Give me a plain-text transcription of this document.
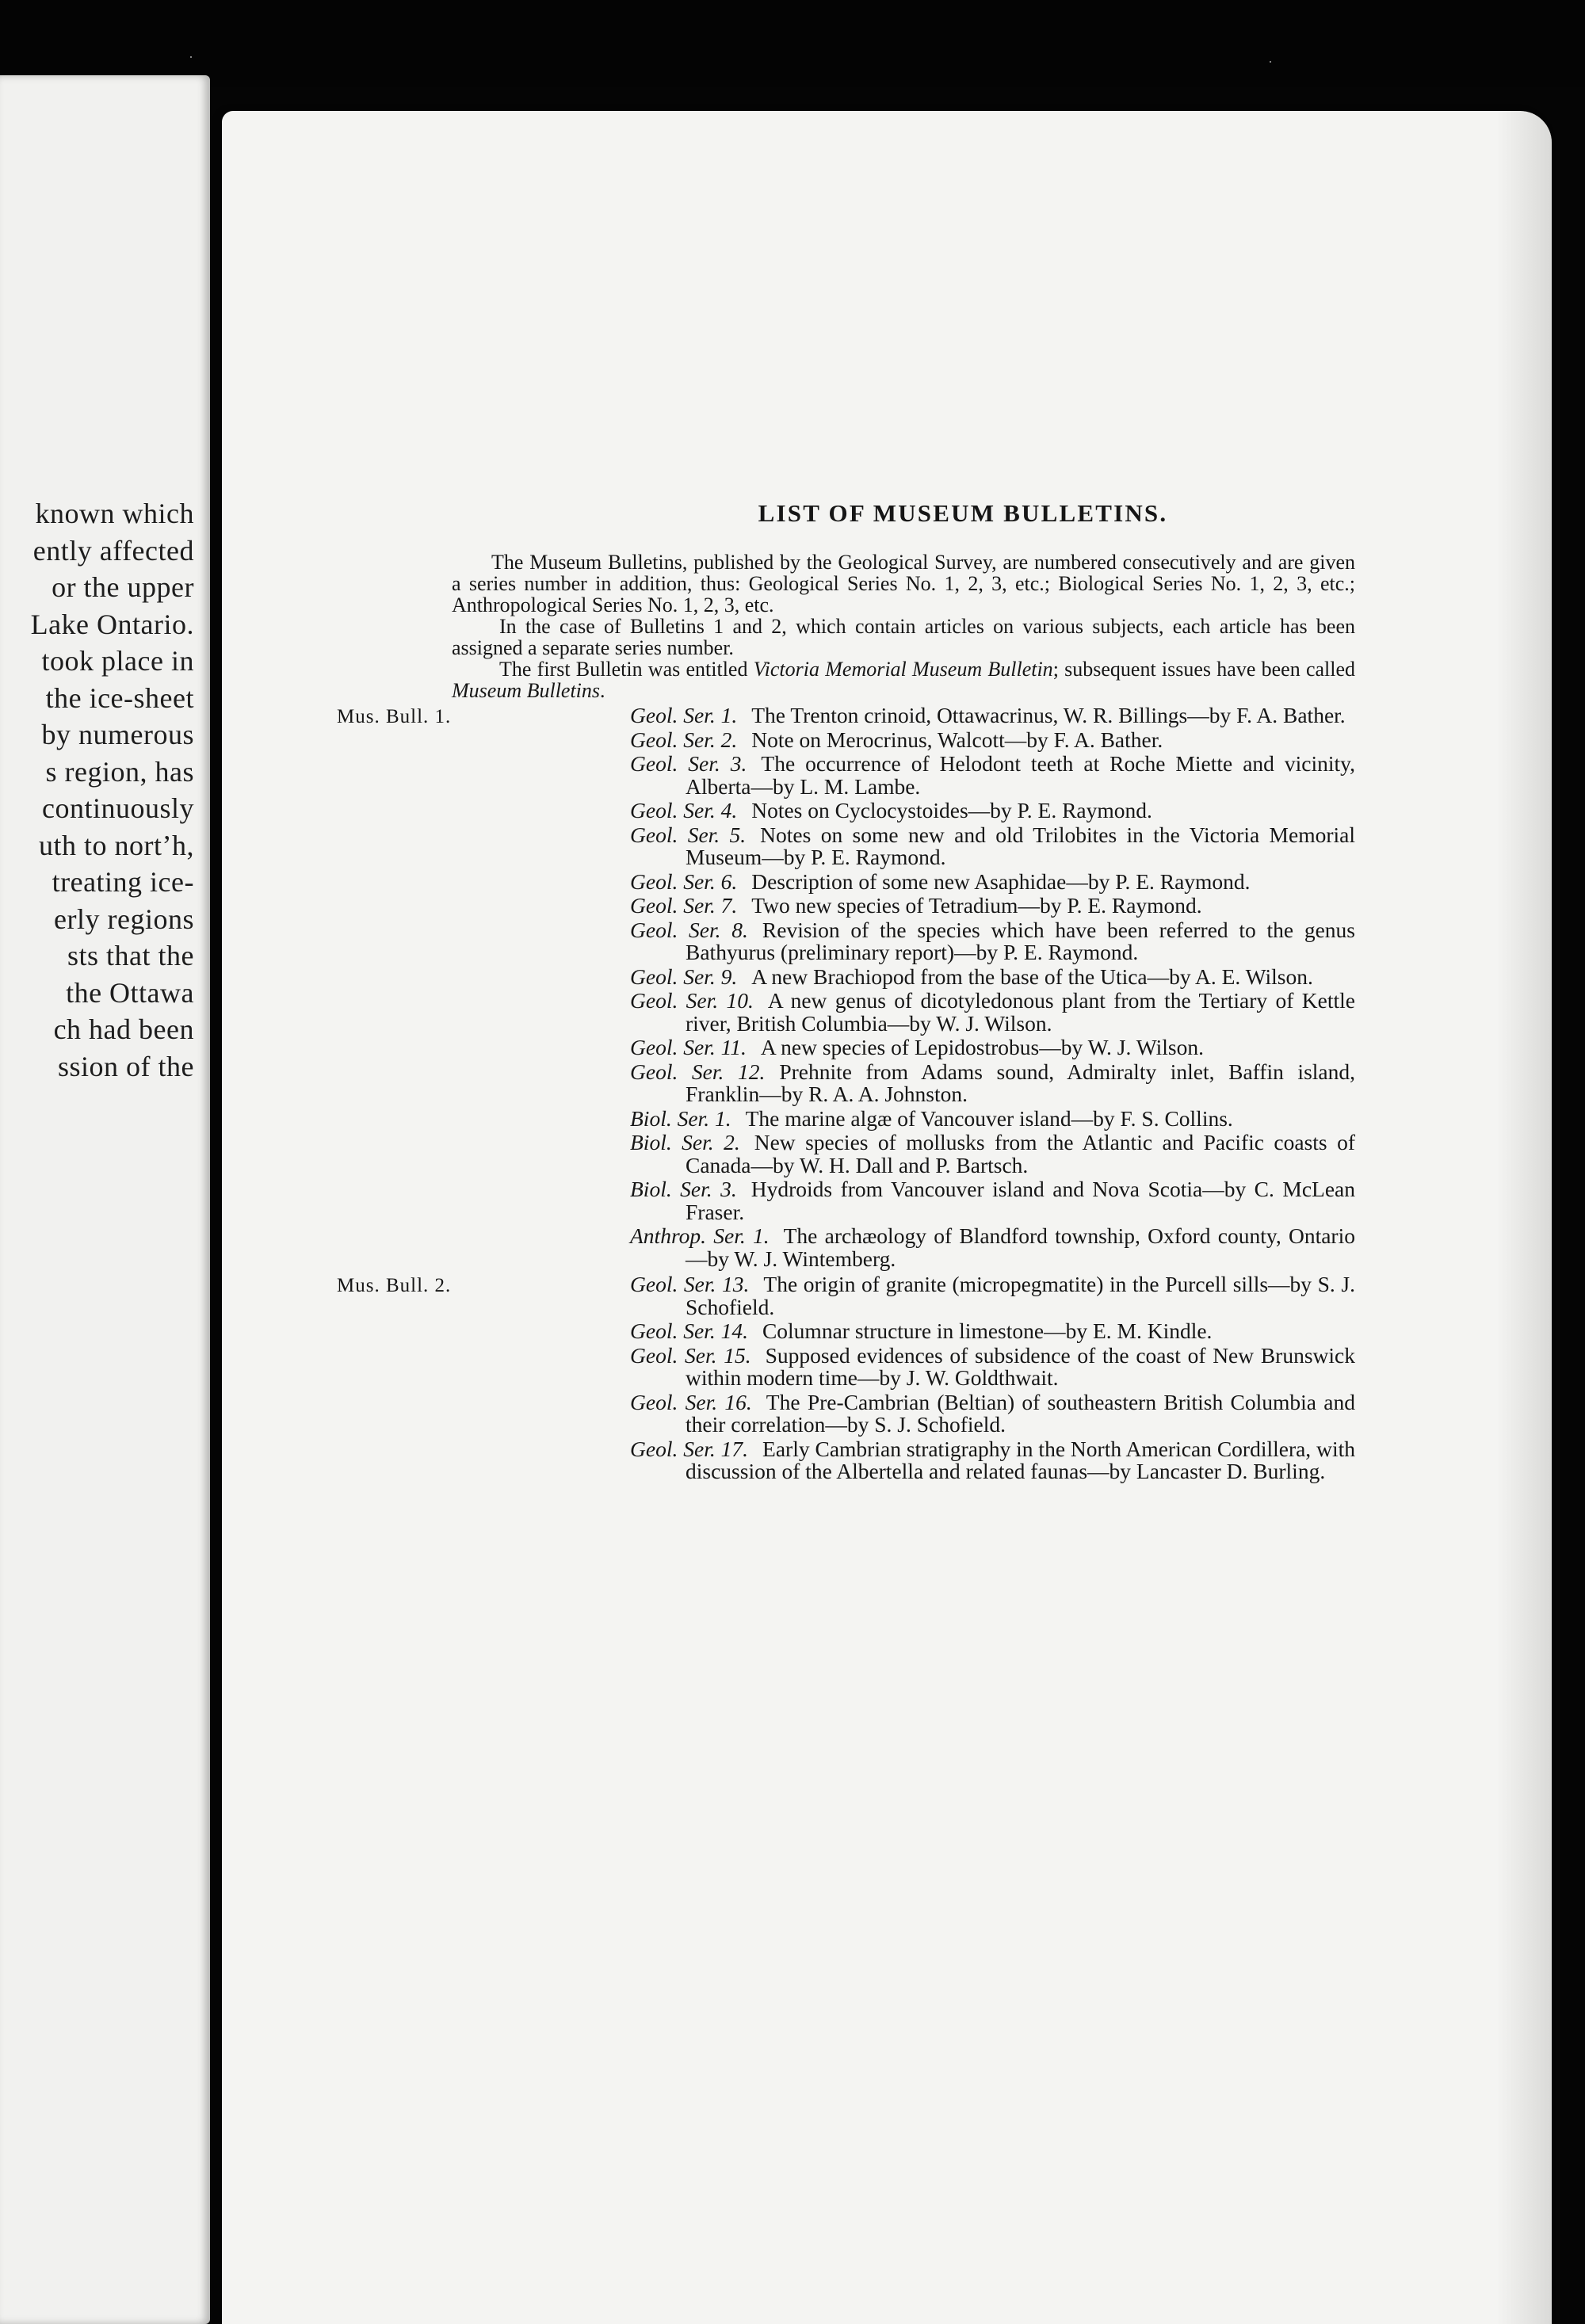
·	·
known which
ently affected
or the upper
Lake Ontario.
took place in
the ice-sheet
by numerous
s region, has
continuously
uth to nortʼh,
treating ice-
erly regions
sts that the
the Ottawa
ch had been
ssion of the
LIST OF MUSEUM BULLETINS.

The Museum Bulletins, published by the Geological Survey, are numbered consecutively and are given a series number in addition, thus: Geological Series No. 1, 2, 3, etc.; Biological Series No. 1, 2, 3, etc.; Anthropological Series No. 1, 2, 3, etc.

In the case of Bulletins 1 and 2, which contain articles on various subjects, each article has been assigned a separate series number.

The first Bulletin was entitled Victoria Memorial Museum Bulletin; subsequent issues have been called Museum Bulletins.

Mus. Bull. 1.	Geol. Ser. 1. The Trenton crinoid, Ottawacrinus, W. R. Billings—by F. A. Bather.
Geol. Ser. 2. Note on Merocrinus, Walcott—by F. A. Bather.
Geol. Ser. 3. The occurrence of Helodont teeth at Roche Miette and vicinity, Alberta—by L. M. Lambe.
Geol. Ser. 4. Notes on Cyclocystoides—by P. E. Raymond.
Geol. Ser. 5. Notes on some new and old Trilobites in the Victoria Memorial Museum—by P. E. Raymond.
Geol. Ser. 6. Description of some new Asaphidae—by P. E. Raymond.
Geol. Ser. 7. Two new species of Tetradium—by P. E. Raymond.
Geol. Ser. 8. Revision of the species which have been referred to the genus Bathyurus (preliminary report)—by P. E. Raymond.
Geol. Ser. 9. A new Brachiopod from the base of the Utica—by A. E. Wilson.
Geol. Ser. 10. A new genus of dicotyledonous plant from the Tertiary of Kettle river, British Columbia—by W. J. Wilson.
Geol. Ser. 11. A new species of Lepidostrobus—by W. J. Wilson.
Geol. Ser. 12. Prehnite from Adams sound, Admiralty inlet, Baffin island, Franklin—by R. A. A. Johnston.
Biol. Ser. 1. The marine algæ of Vancouver island—by F. S. Collins.
Biol. Ser. 2. New species of mollusks from the Atlantic and Pacific coasts of Canada—by W. H. Dall and P. Bartsch.
Biol. Ser. 3. Hydroids from Vancouver island and Nova Scotia—by C. McLean Fraser.
Anthrop. Ser. 1. The archæology of Blandford township, Oxford county, Ontario—by W. J. Wintemberg.
Mus. Bull. 2.	Geol. Ser. 13. The origin of granite (micropegmatite) in the Purcell sills—by S. J. Schofield.
Geol. Ser. 14. Columnar structure in limestone—by E. M. Kindle.
Geol. Ser. 15. Supposed evidences of subsidence of the coast of New Brunswick within modern time—by J. W. Goldthwait.
Geol. Ser. 16. The Pre-Cambrian (Beltian) of southeastern British Columbia and their correlation—by S. J. Schofield.
Geol. Ser. 17. Early Cambrian stratigraphy in the North American Cordillera, with discussion of the Albertella and related faunas—by Lancaster D. Burling.
